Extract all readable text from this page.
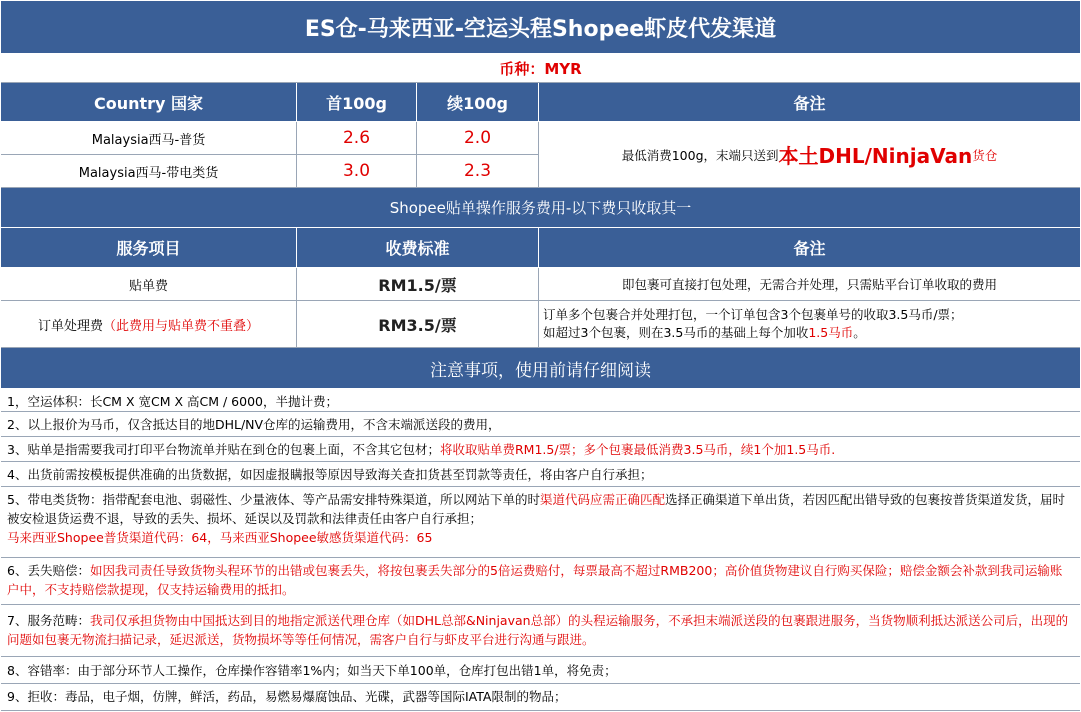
ES仓-马来西亚-空运头程Shopee虾皮代发渠道
币种：MYR
Country 国家	首100g	续100g	备注
Malaysia西马-普货	2.6	2.0
Malaysia西马-带电类货	3.0	2.3
最低消费100g，末端只送到 本土DHL/NinjaVan 货仓
Shopee贴单操作服务费用-以下费只收取其一
服务项目	收费标准	备注
贴单费	RM1.5/票	即包裹可直接打包处理，无需合并处理，只需贴平台订单收取的费用
订单处理费 （此费用与贴单费不重叠）	RM3.5/票
订单多个包裹合并处理打包，一个订单包含3个包裹单号的收取3.5马币/票；
如超过3个包裹，则在3.5马币的基础上每个加收1.5马币。
注意事项，使用前请仔细阅读
1，空运体积：长CM X 宽CM X 高CM / 6000，半抛计费；
2、以上报价为马币，仅含抵达目的地DHL/NV仓库的运输费用，不含末端派送段的费用，
3、贴单是指需要我司打印平台物流单并贴在到仓的包裹上面，不含其它包材；将收取贴单费RM1.5/票；多个包裹最低消费3.5马币，续1个加1.5马币.
4、出货前需按模板提供准确的出货数据，如因虚报瞒报等原因导致海关查扣货甚至罚款等责任，将由客户自行承担；
5、带电类货物：指带配套电池、弱磁性、少量液体、等产品需安排特殊渠道，所以网站下单的时渠道代码应需正确匹配选择正确渠道下单出货，若因匹配出错导致的包裹按普货渠道发货，届时被安检退货运费不退，导致的丢失、损坏、延误以及罚款和法律责任由客户自行承担；
马来西亚Shopee普货渠道代码：64，马来西亚Shopee敏感货渠道代码：65
6、丢失赔偿：如因我司责任导致货物头程环节的出错或包裹丢失，将按包裹丢失部分的5倍运费赔付，每票最高不超过RMB200；高价值货物建议自行购买保险；赔偿金额会补款到我司运输账户中，不支持赔偿款提现，仅支持运输费用的抵扣。
7、服务范畴：我司仅承担货物由中国抵达到目的地指定派送代理仓库（如DHL总部&Ninjavan总部）的头程运输服务，不承担末端派送段的包裹跟进服务，当货物顺利抵达派送公司后，出现的问题如包裹无物流扫描记录，延迟派送，货物损坏等等任何情况，需客户自行与虾皮平台进行沟通与跟进。
8、容错率：由于部分环节人工操作，仓库操作容错率1%内；如当天下单100单，仓库打包出错1单，将免责；
9、拒收：毒品，电子烟，仿牌，鲜活，药品，易燃易爆腐蚀品、光碟，武器等国际IATA限制的物品；
